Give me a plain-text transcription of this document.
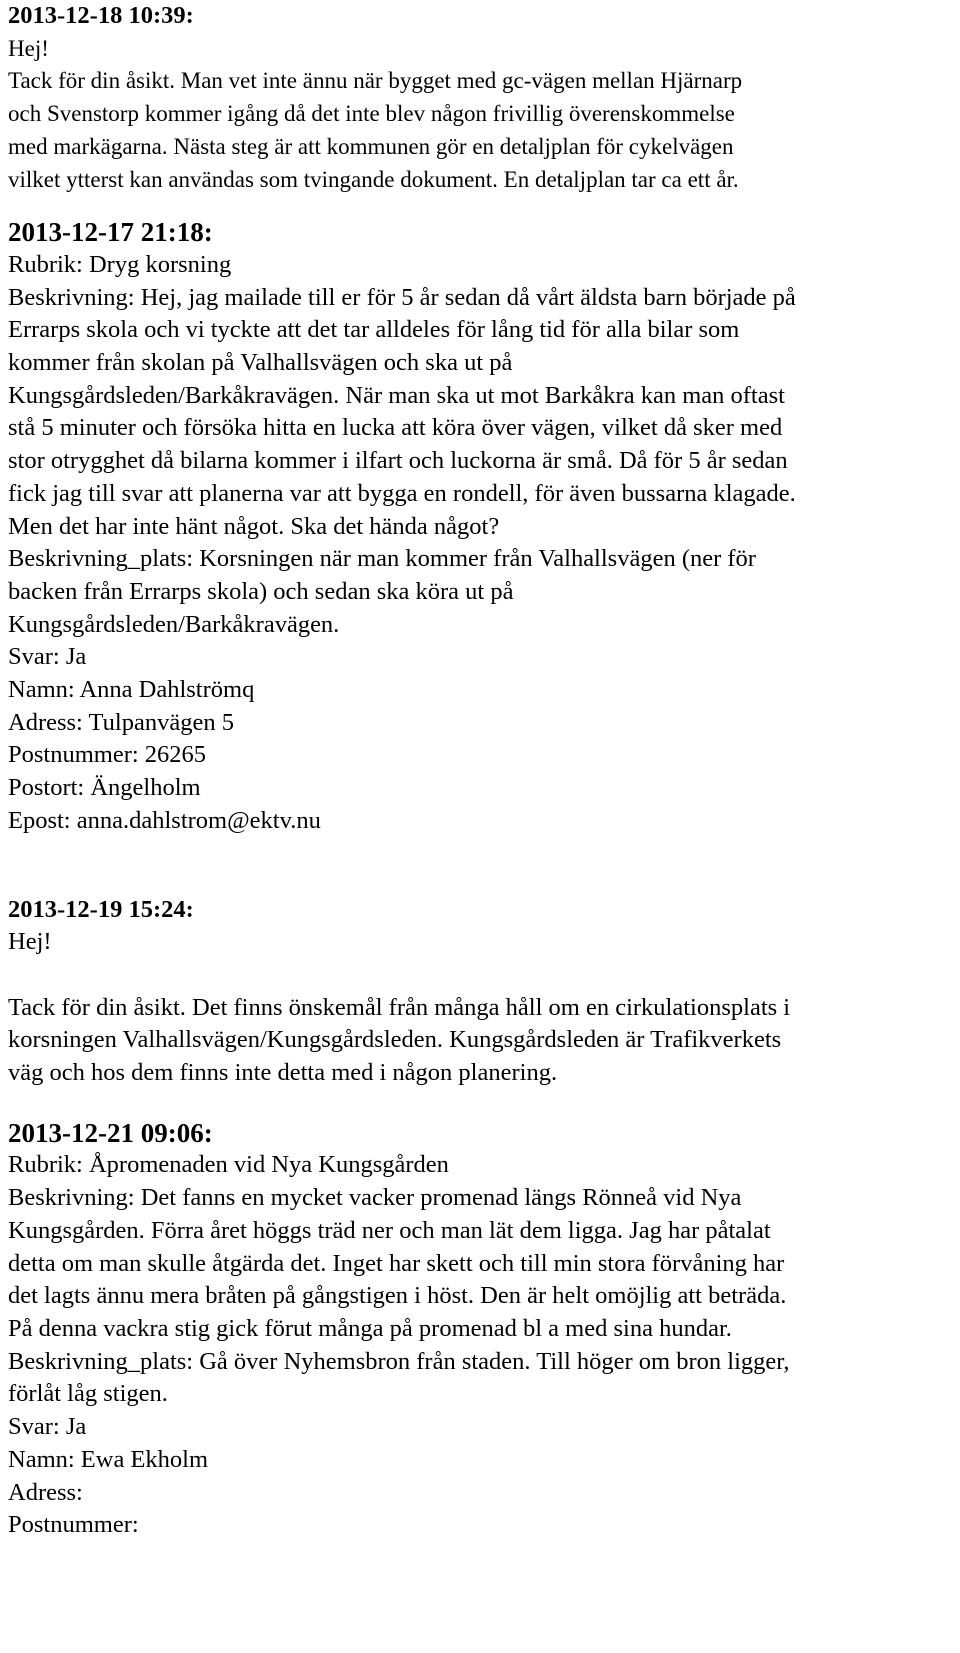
2013-12-18 10:39:
Hej!
Tack för din åsikt. Man vet inte ännu när bygget med gc-vägen mellan Hjärnarp
och Svenstorp kommer igång då det inte blev någon frivillig överenskommelse
med markägarna. Nästa steg är att kommunen gör en detaljplan för cykelvägen
vilket ytterst kan användas som tvingande dokument. En detaljplan tar ca ett år.
2013-12-17 21:18:
Rubrik: Dryg korsning
Beskrivning: Hej, jag mailade till er för 5 år sedan då vårt äldsta barn började på
Errarps skola och vi tyckte att det tar alldeles för lång tid för alla bilar som
kommer från skolan på Valhallsvägen och ska ut på
Kungsgårdsleden/Barkåkravägen. När man ska ut mot Barkåkra kan man oftast
stå 5 minuter och försöka hitta en lucka att köra över vägen, vilket då sker med
stor otrygghet då bilarna kommer i ilfart och luckorna är små. Då för 5 år sedan
fick jag till svar att planerna var att bygga en rondell, för även bussarna klagade.
Men det har inte hänt något. Ska det hända något?
Beskrivning_plats: Korsningen när man kommer från Valhallsvägen (ner för
backen från Errarps skola) och sedan ska köra ut på
Kungsgårdsleden/Barkåkravägen.
Svar: Ja
Namn: Anna Dahlströmq
Adress: Tulpanvägen 5
Postnummer: 26265
Postort: Ängelholm
Epost: anna.dahlstrom@ektv.nu
2013-12-19 15:24:
Hej!
Tack för din åsikt. Det finns önskemål från många håll om en cirkulationsplats i
korsningen Valhallsvägen/Kungsgårdsleden. Kungsgårdsleden är Trafikverkets
väg och hos dem finns inte detta med i någon planering.
2013-12-21 09:06:
Rubrik: Åpromenaden vid Nya Kungsgården
Beskrivning: Det fanns en mycket vacker promenad längs Rönneå vid Nya
Kungsgården. Förra året höggs träd ner och man lät dem ligga. Jag har påtalat
detta om man skulle åtgärda det. Inget har skett och till min stora förvåning har
det lagts ännu mera bråten på gångstigen i höst. Den är helt omöjlig att beträda.
På denna vackra stig gick förut många på promenad bl a med sina hundar.
Beskrivning_plats: Gå över Nyhemsbron från staden. Till höger om bron ligger,
förlåt låg stigen.
Svar: Ja
Namn: Ewa Ekholm
Adress:
Postnummer:
